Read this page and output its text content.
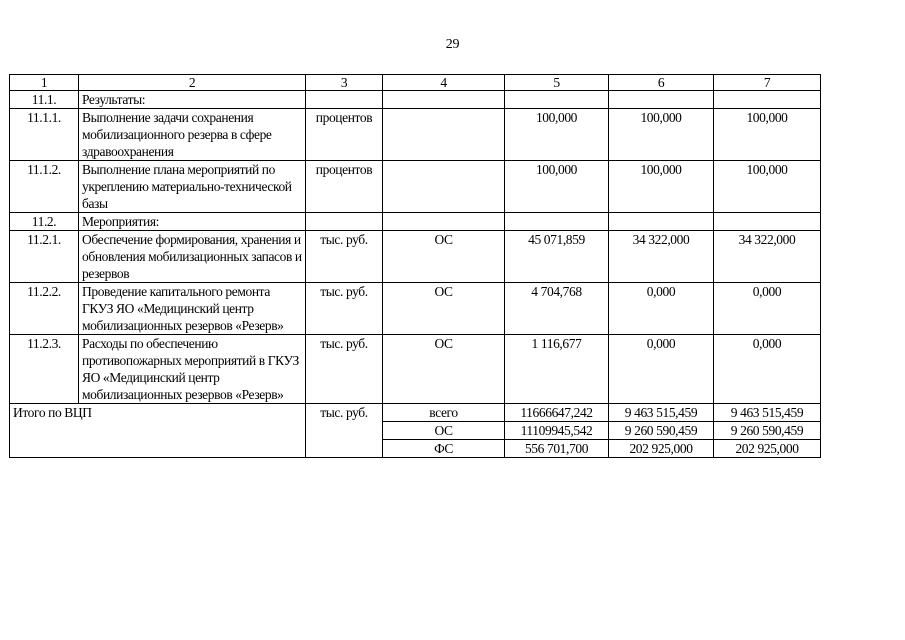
29
1	2	3	4	5	6	7
11.1.	Результаты:					
11.1.1.	Выполнение задачи сохранения мобилизационного резерва в сфере здравоохранения	процентов		100,000	100,000	100,000
11.1.2.	Выполнение плана мероприятий по укреплению материально-технической базы	процентов		100,000	100,000	100,000
11.2.	Мероприятия:					
11.2.1.	Обеспечение формирования, хранения и обновления мобилизационных запасов и резервов	тыс. руб.	ОС	45 071,859	34 322,000	34 322,000
11.2.2.	Проведение капитального ремонта ГКУЗ ЯО «Медицинский центр мобилизационных резервов «Резерв»	тыс. руб.	ОС	4 704,768	0,000	0,000
11.2.3.	Расходы по обеспечению противопожарных мероприятий в ГКУЗ ЯО «Медицинский центр мобилизационных резервов «Резерв»	тыс. руб.	ОС	1 116,677	0,000	0,000
Итого по ВЦП		тыс. руб.	всего	11666647,242	9 463 515,459	9 463 515,459
			ОС	11109945,542	9 260 590,459	9 260 590,459
			ФС	556 701,700	202 925,000	202 925,000
